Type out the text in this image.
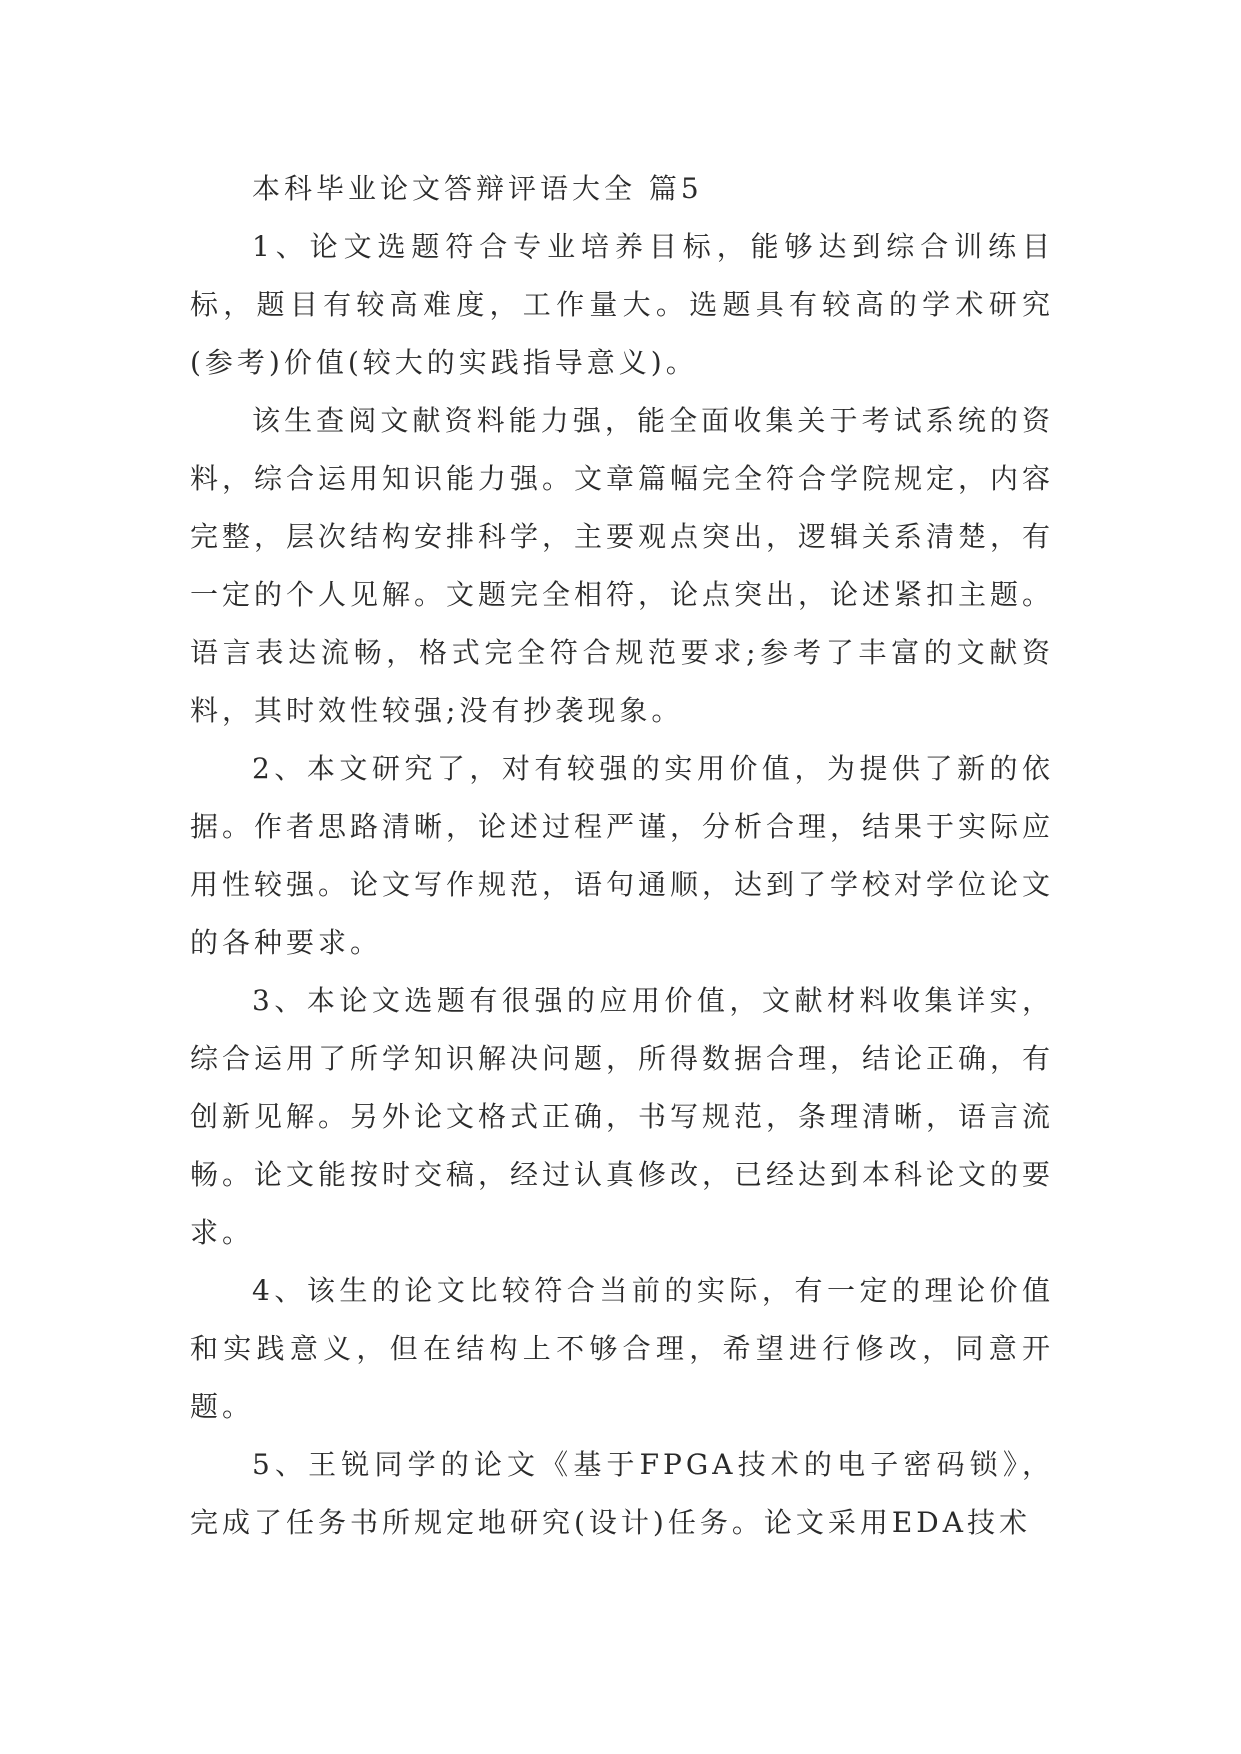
本科毕业论文答辩评语大全 篇5

1、论文选题符合专业培养目标，能够达到综合训练目标，题目有较高难度，工作量大。选题具有较高的学术研究(参考)价值(较大的实践指导意义)。

该生查阅文献资料能力强，能全面收集关于考试系统的资料，综合运用知识能力强。文章篇幅完全符合学院规定，内容完整，层次结构安排科学，主要观点突出，逻辑关系清楚，有一定的个人见解。文题完全相符，论点突出，论述紧扣主题。语言表达流畅，格式完全符合规范要求;参考了丰富的文献资料，其时效性较强;没有抄袭现象。

2、本文研究了，对有较强的实用价值，为提供了新的依据。作者思路清晰，论述过程严谨，分析合理，结果于实际应用性较强。论文写作规范，语句通顺，达到了学校对学位论文的各种要求。

3、本论文选题有很强的应用价值，文献材料收集详实，综合运用了所学知识解决问题，所得数据合理，结论正确，有创新见解。另外论文格式正确，书写规范，条理清晰，语言流畅。论文能按时交稿，经过认真修改，已经达到本科论文的要求。

4、该生的论文比较符合当前的实际，有一定的理论价值和实践意义，但在结构上不够合理，希望进行修改，同意开题。

5、王锐同学的论文《基于FPGA技术的电子密码锁》，完成了任务书所规定地研究(设计)任务。论文采用EDA技术
